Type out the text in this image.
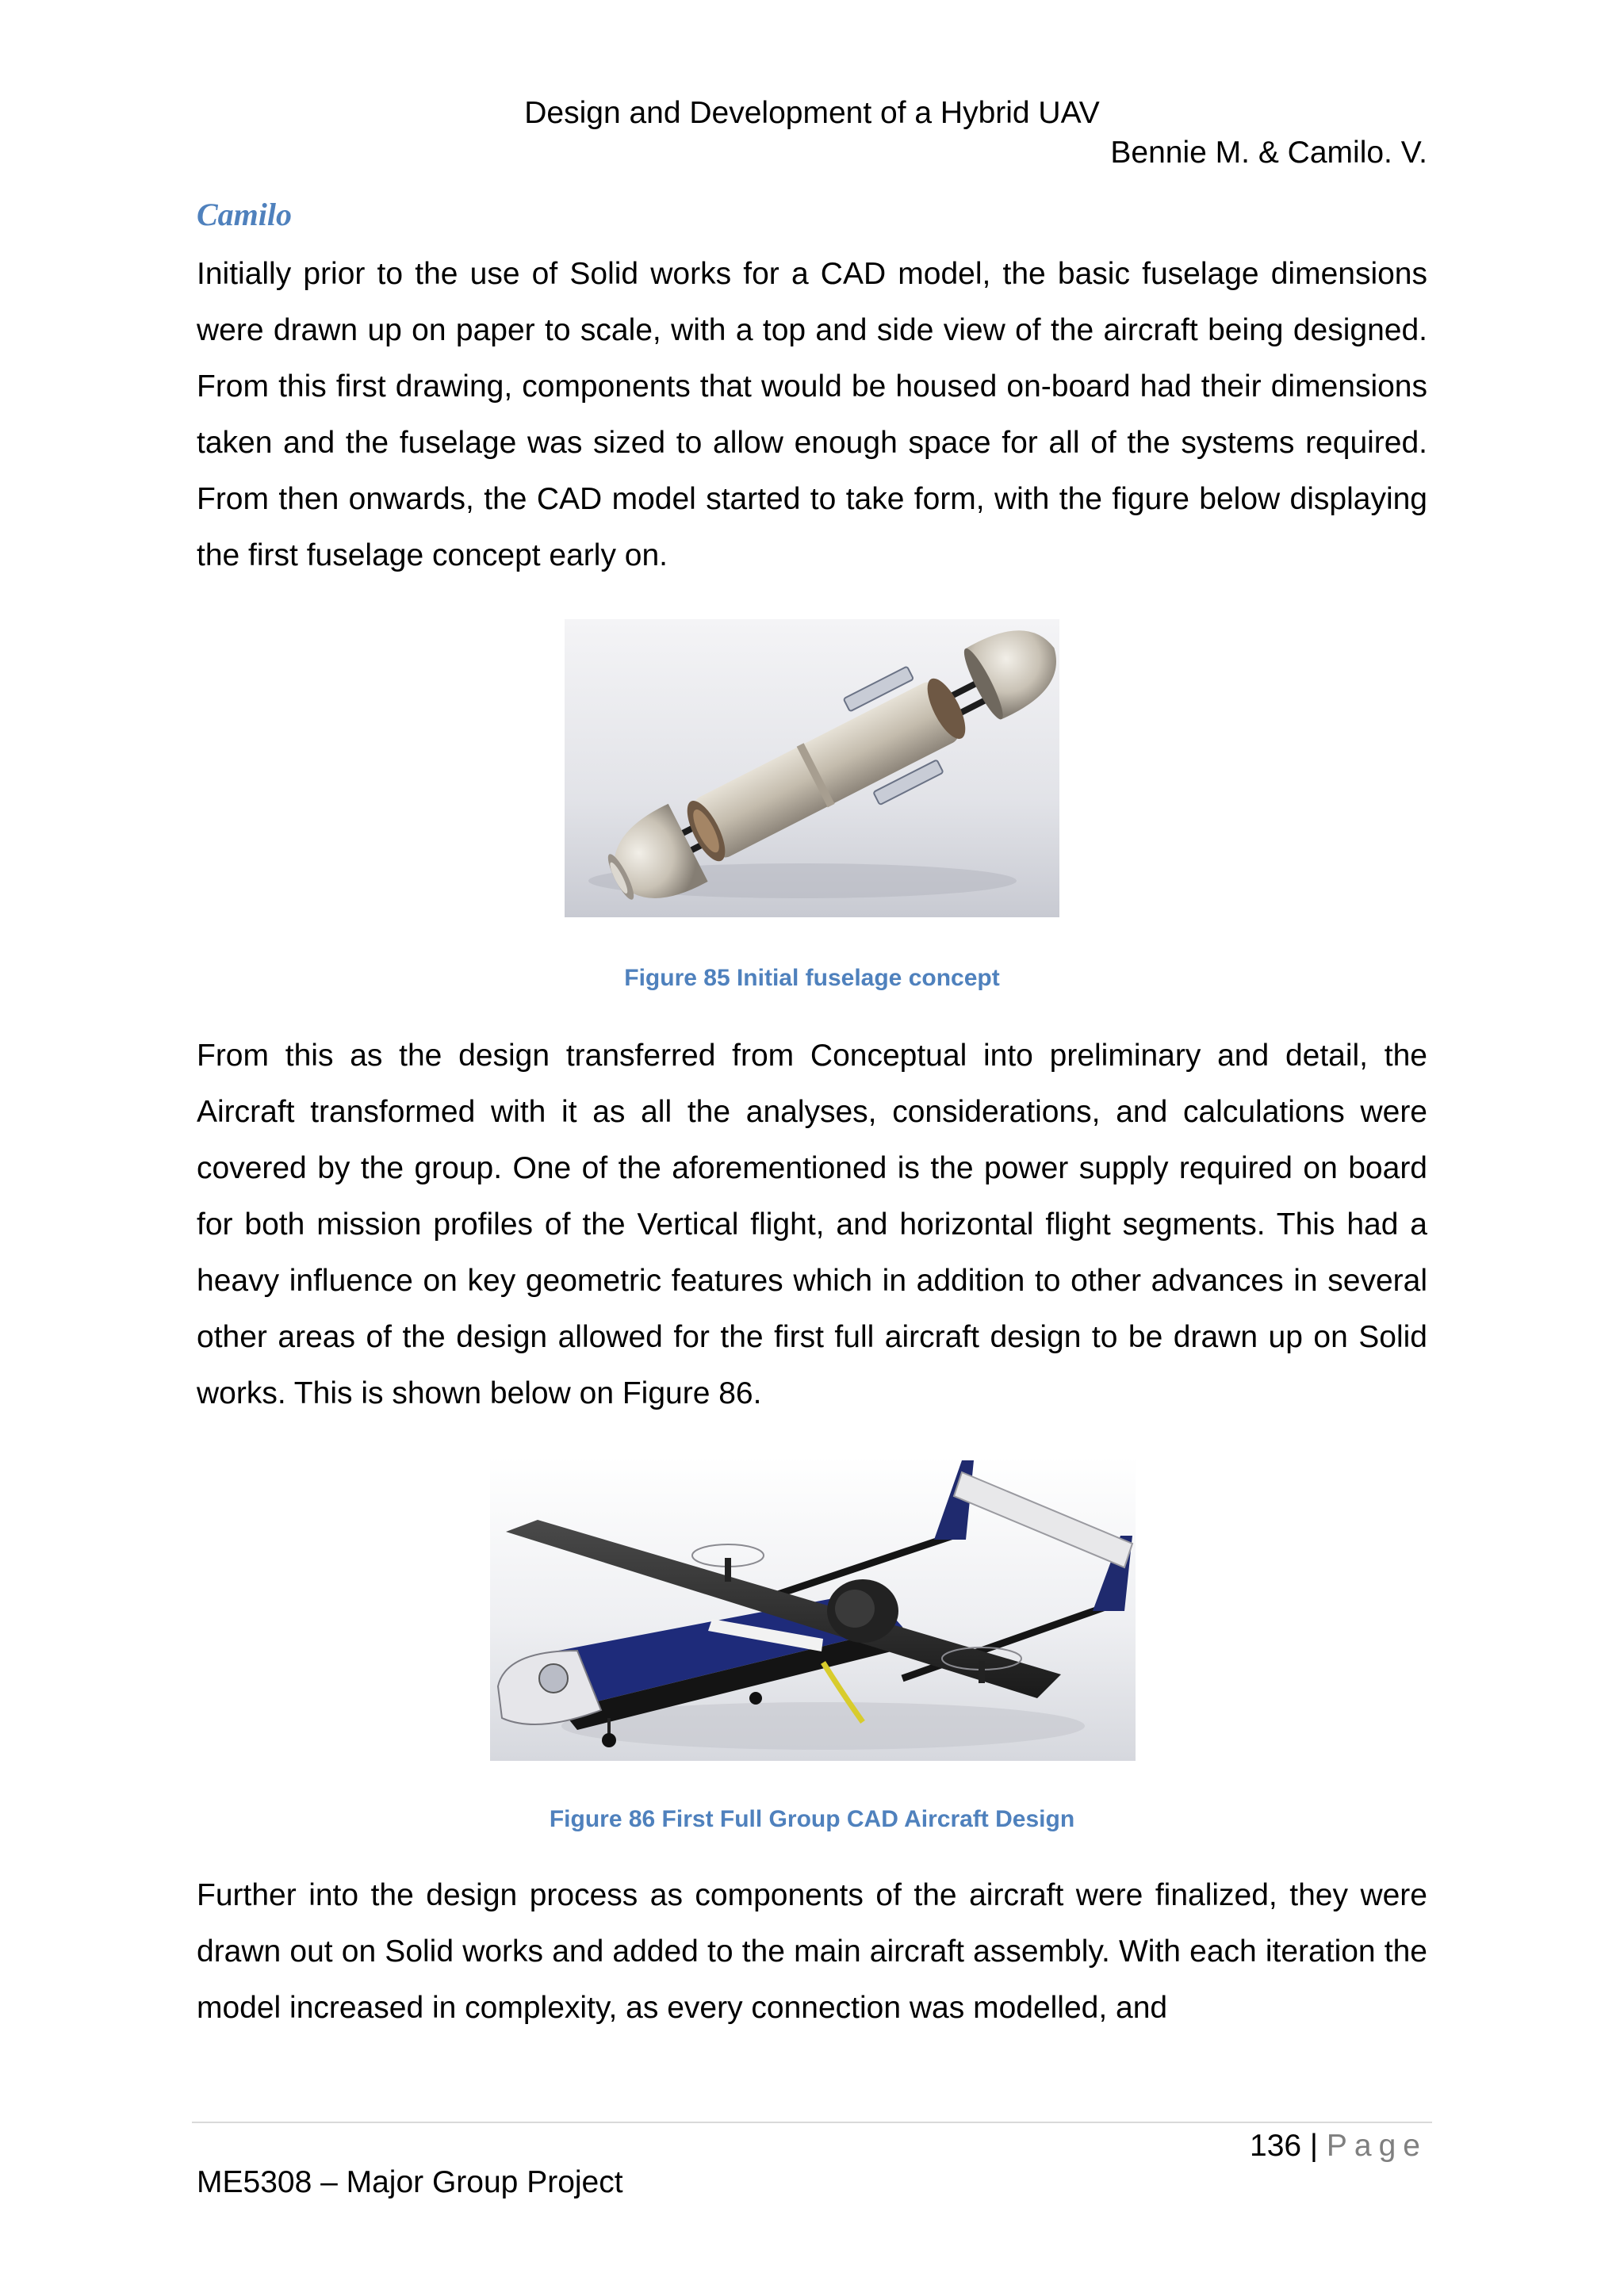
Design and Development of a Hybrid UAV
Bennie M. & Camilo. V.
Camilo

Initially prior to the use of Solid works for a CAD model, the basic fuselage dimensions were drawn up on paper to scale, with a top and side view of the aircraft being designed. From this first drawing, components that would be housed on-board had their dimensions taken and the fuselage was sized to allow enough space for all of the systems required. From then onwards, the CAD model started to take form, with the figure below displaying the first fuselage concept early on.

Figure 85 Initial fuselage concept

From this as the design transferred from Conceptual into preliminary and detail, the Aircraft transformed with it as all the analyses, considerations, and calculations were covered by the group. One of the aforementioned is the power supply required on board for both mission profiles of the Vertical flight, and horizontal flight segments. This had a heavy influence on key geometric features which in addition to other advances in several other areas of the design allowed for the first full aircraft design to be drawn up on Solid works. This is shown below on Figure 86.

Figure 86 First Full Group CAD Aircraft Design

Further into the design process as components of the aircraft were finalized, they were drawn out on Solid works and added to the main aircraft assembly. With each iteration the model increased in complexity, as every connection was modelled, and

136 | Page
ME5308 – Major Group Project
